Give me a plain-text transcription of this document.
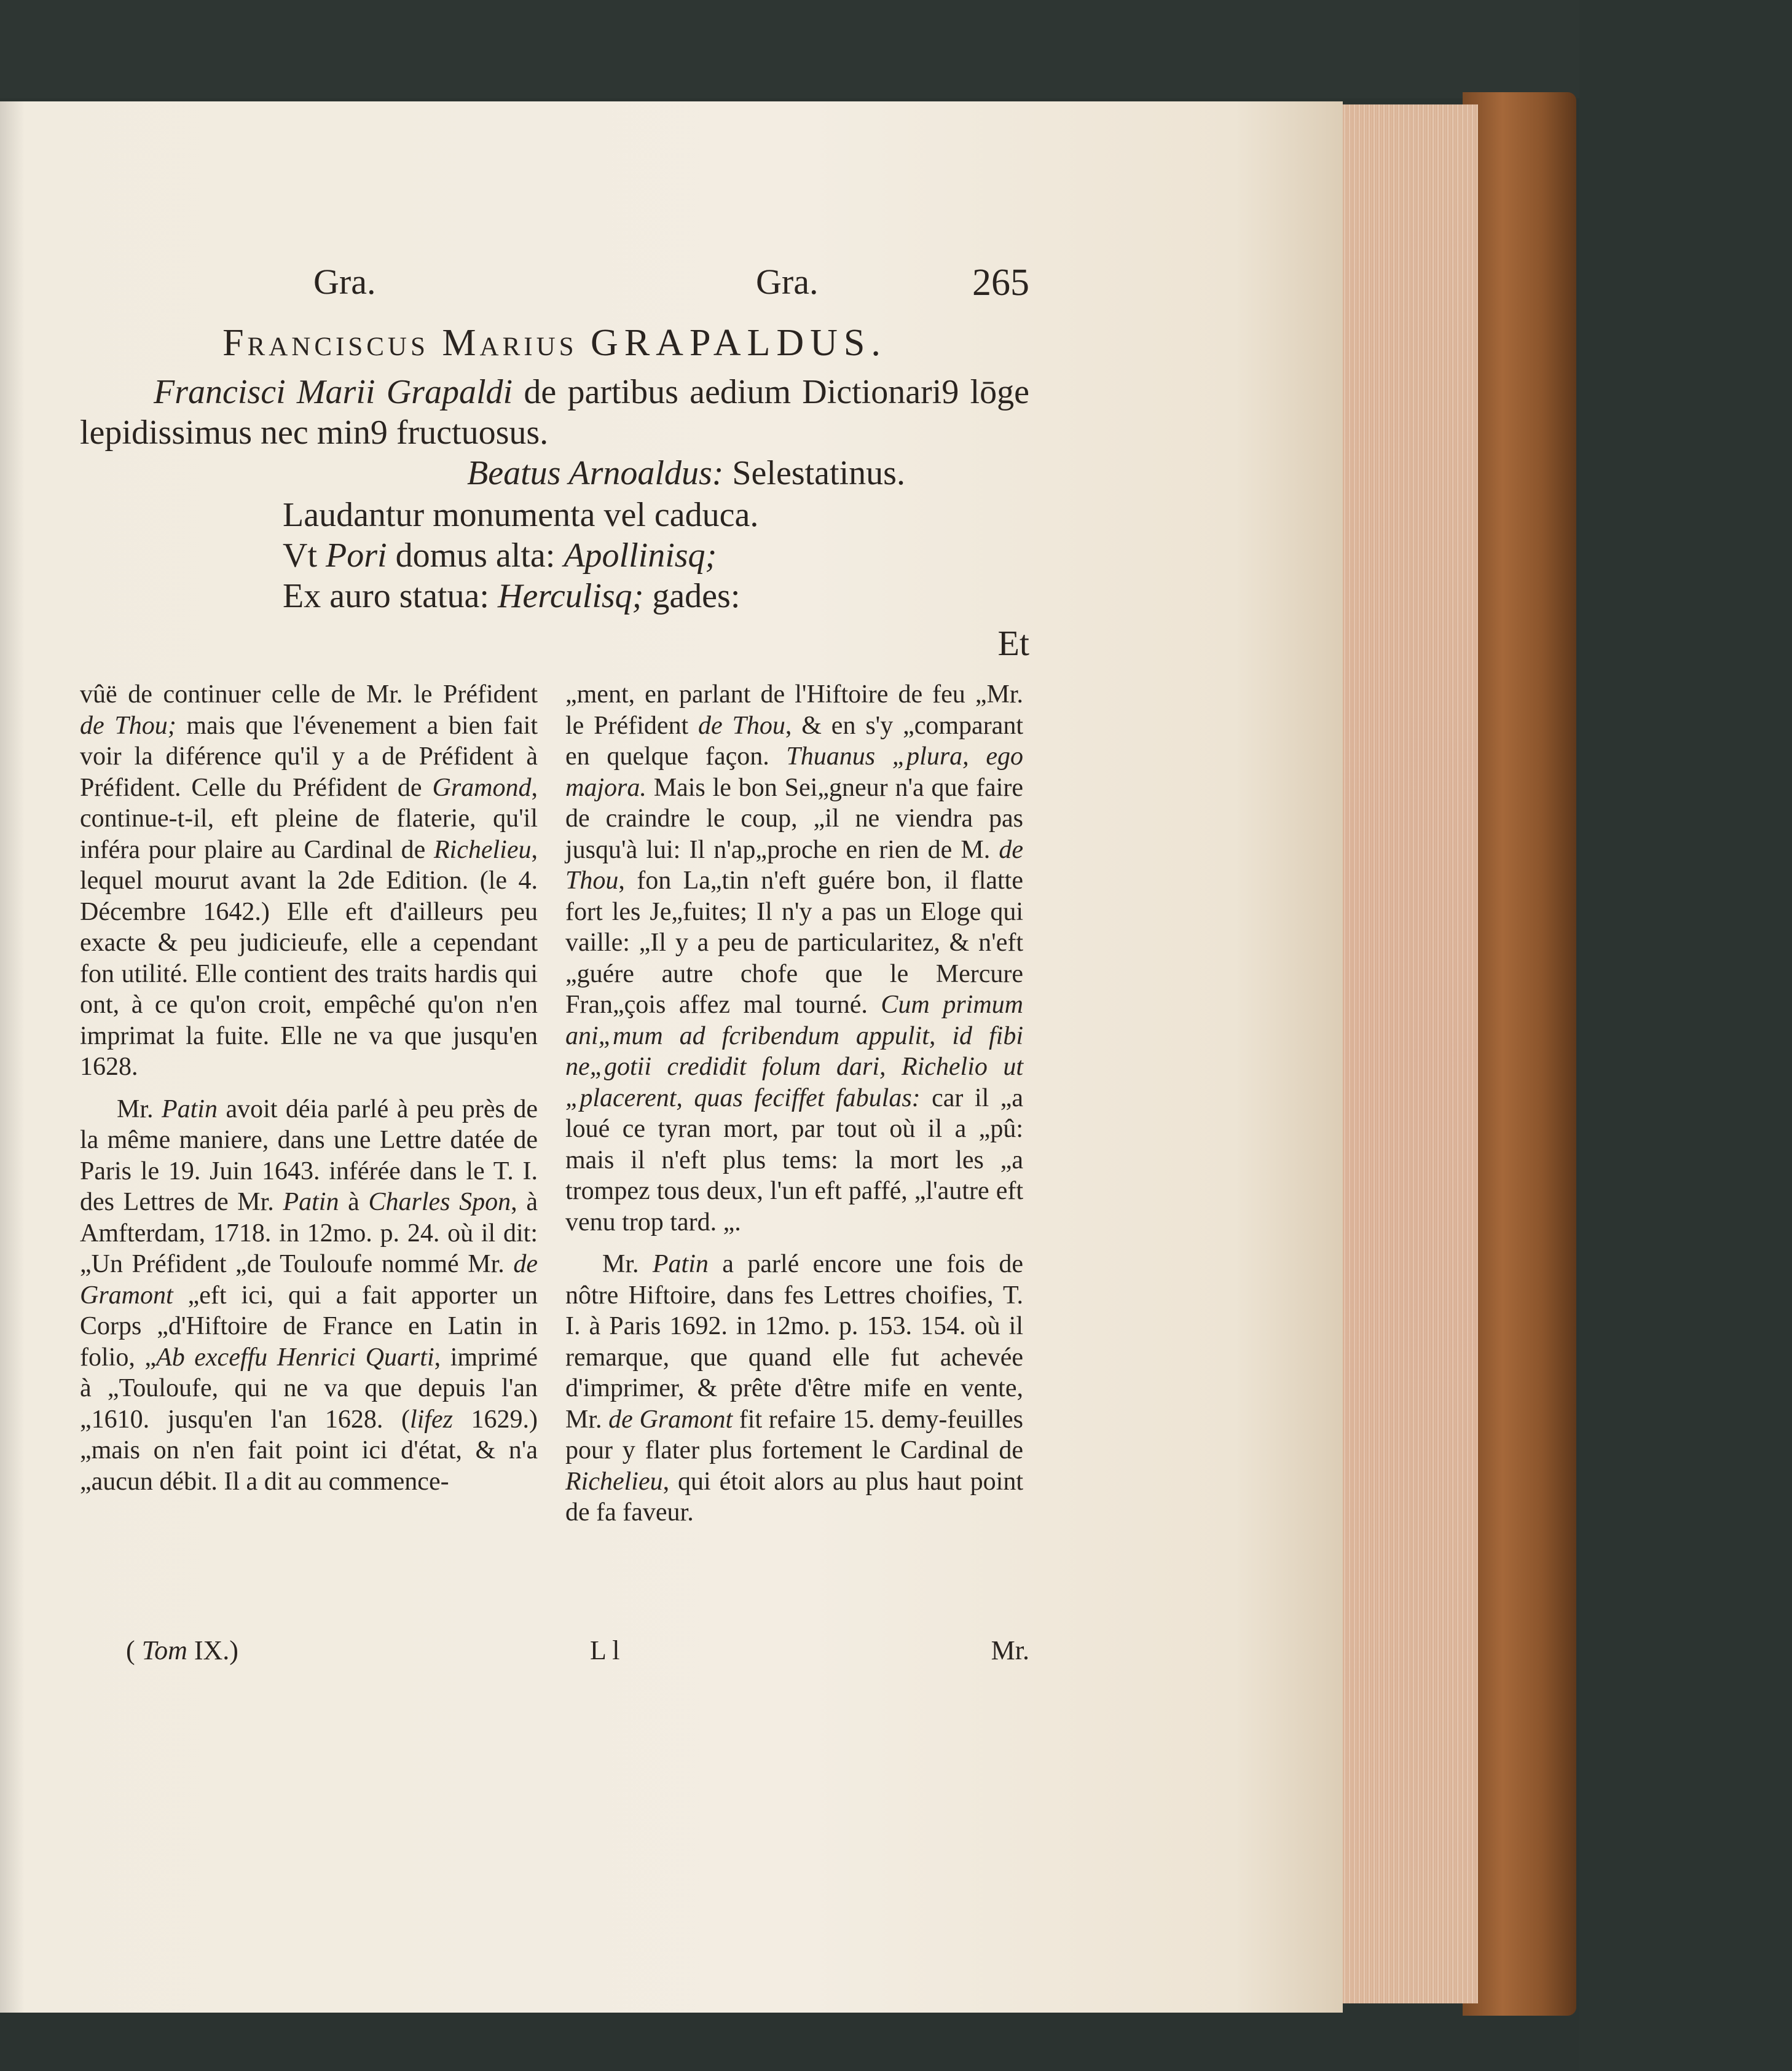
Gra.	Gra.	265
Franciscus Marius GRAPALDUS.
Francisci Marii Grapaldi de partibus aedium Dictionari9 lōge lepidissimus nec min9 fructuosus.
Beatus Arnoaldus: Selestatinus.
Laudantur monumenta vel caduca.
Vt Pori domus alta: Apollinisq;
Ex auro statua: Herculisq; gades:
Et

vûë de continuer celle de Mr. le Préfident de Thou; mais que l'évenement a bien fait voir la diférence qu'il y a de Préfident à Préfident. Celle du Préfident de Gramond, continue-t-il, eft pleine de flaterie, qu'il inféra pour plaire au Cardinal de Richelieu, lequel mourut avant la 2de Edition. (le 4. Décembre 1642.) Elle eft d'ailleurs peu exacte & peu judicieufe, elle a cependant fon utilité. Elle contient des traits hardis qui ont, à ce qu'on croit, empêché qu'on n'en imprimat la fuite. Elle ne va que jusqu'en 1628.

Mr. Patin avoit déia parlé à peu près de la même maniere, dans une Lettre datée de Paris le 19. Juin 1643. inférée dans le T. I. des Lettres de Mr. Patin à Charles Spon, à Amfterdam, 1718. in 12mo. p. 24. où il dit: „Un Préfident „de Touloufe nommé Mr. de Gramont „eft ici, qui a fait apporter un Corps „d'Hiftoire de France en Latin in folio, „Ab exceffu Henrici Quarti, imprimé à „Touloufe, qui ne va que depuis l'an „1610. jusqu'en l'an 1628. (lifez 1629.) „mais on n'en fait point ici d'état, & n'a „aucun débit. Il a dit au commence-

„ment, en parlant de l'Hiftoire de feu „Mr. le Préfident de Thou, & en s'y „comparant en quelque façon. Thuanus „plura, ego majora. Mais le bon Sei„gneur n'a que faire de craindre le coup, „il ne viendra pas jusqu'à lui: Il n'ap„proche en rien de M. de Thou, fon La„tin n'eft guére bon, il flatte fort les Je„fuites; Il n'y a pas un Eloge qui vaille: „Il y a peu de particularitez, & n'eft „guére autre chofe que le Mercure Fran„çois affez mal tourné. Cum primum ani„mum ad fcribendum appulit, id fibi ne„gotii credidit folum dari, Richelio ut „placerent, quas feciffet fabulas: car il „a loué ce tyran mort, par tout où il a „pû: mais il n'eft plus tems: la mort les „a trompez tous deux, l'un eft paffé, „l'autre eft venu trop tard. „.

Mr. Patin a parlé encore une fois de nôtre Hiftoire, dans fes Lettres choifies, T. I. à Paris 1692. in 12mo. p. 153. 154. où il remarque, que quand elle fut achevée d'imprimer, & prête d'être mife en vente, Mr. de Gramont fit refaire 15. demy-feuilles pour y flater plus fortement le Cardinal de Richelieu, qui étoit alors au plus haut point de fa faveur.

( Tom IX.)	L l	Mr.
